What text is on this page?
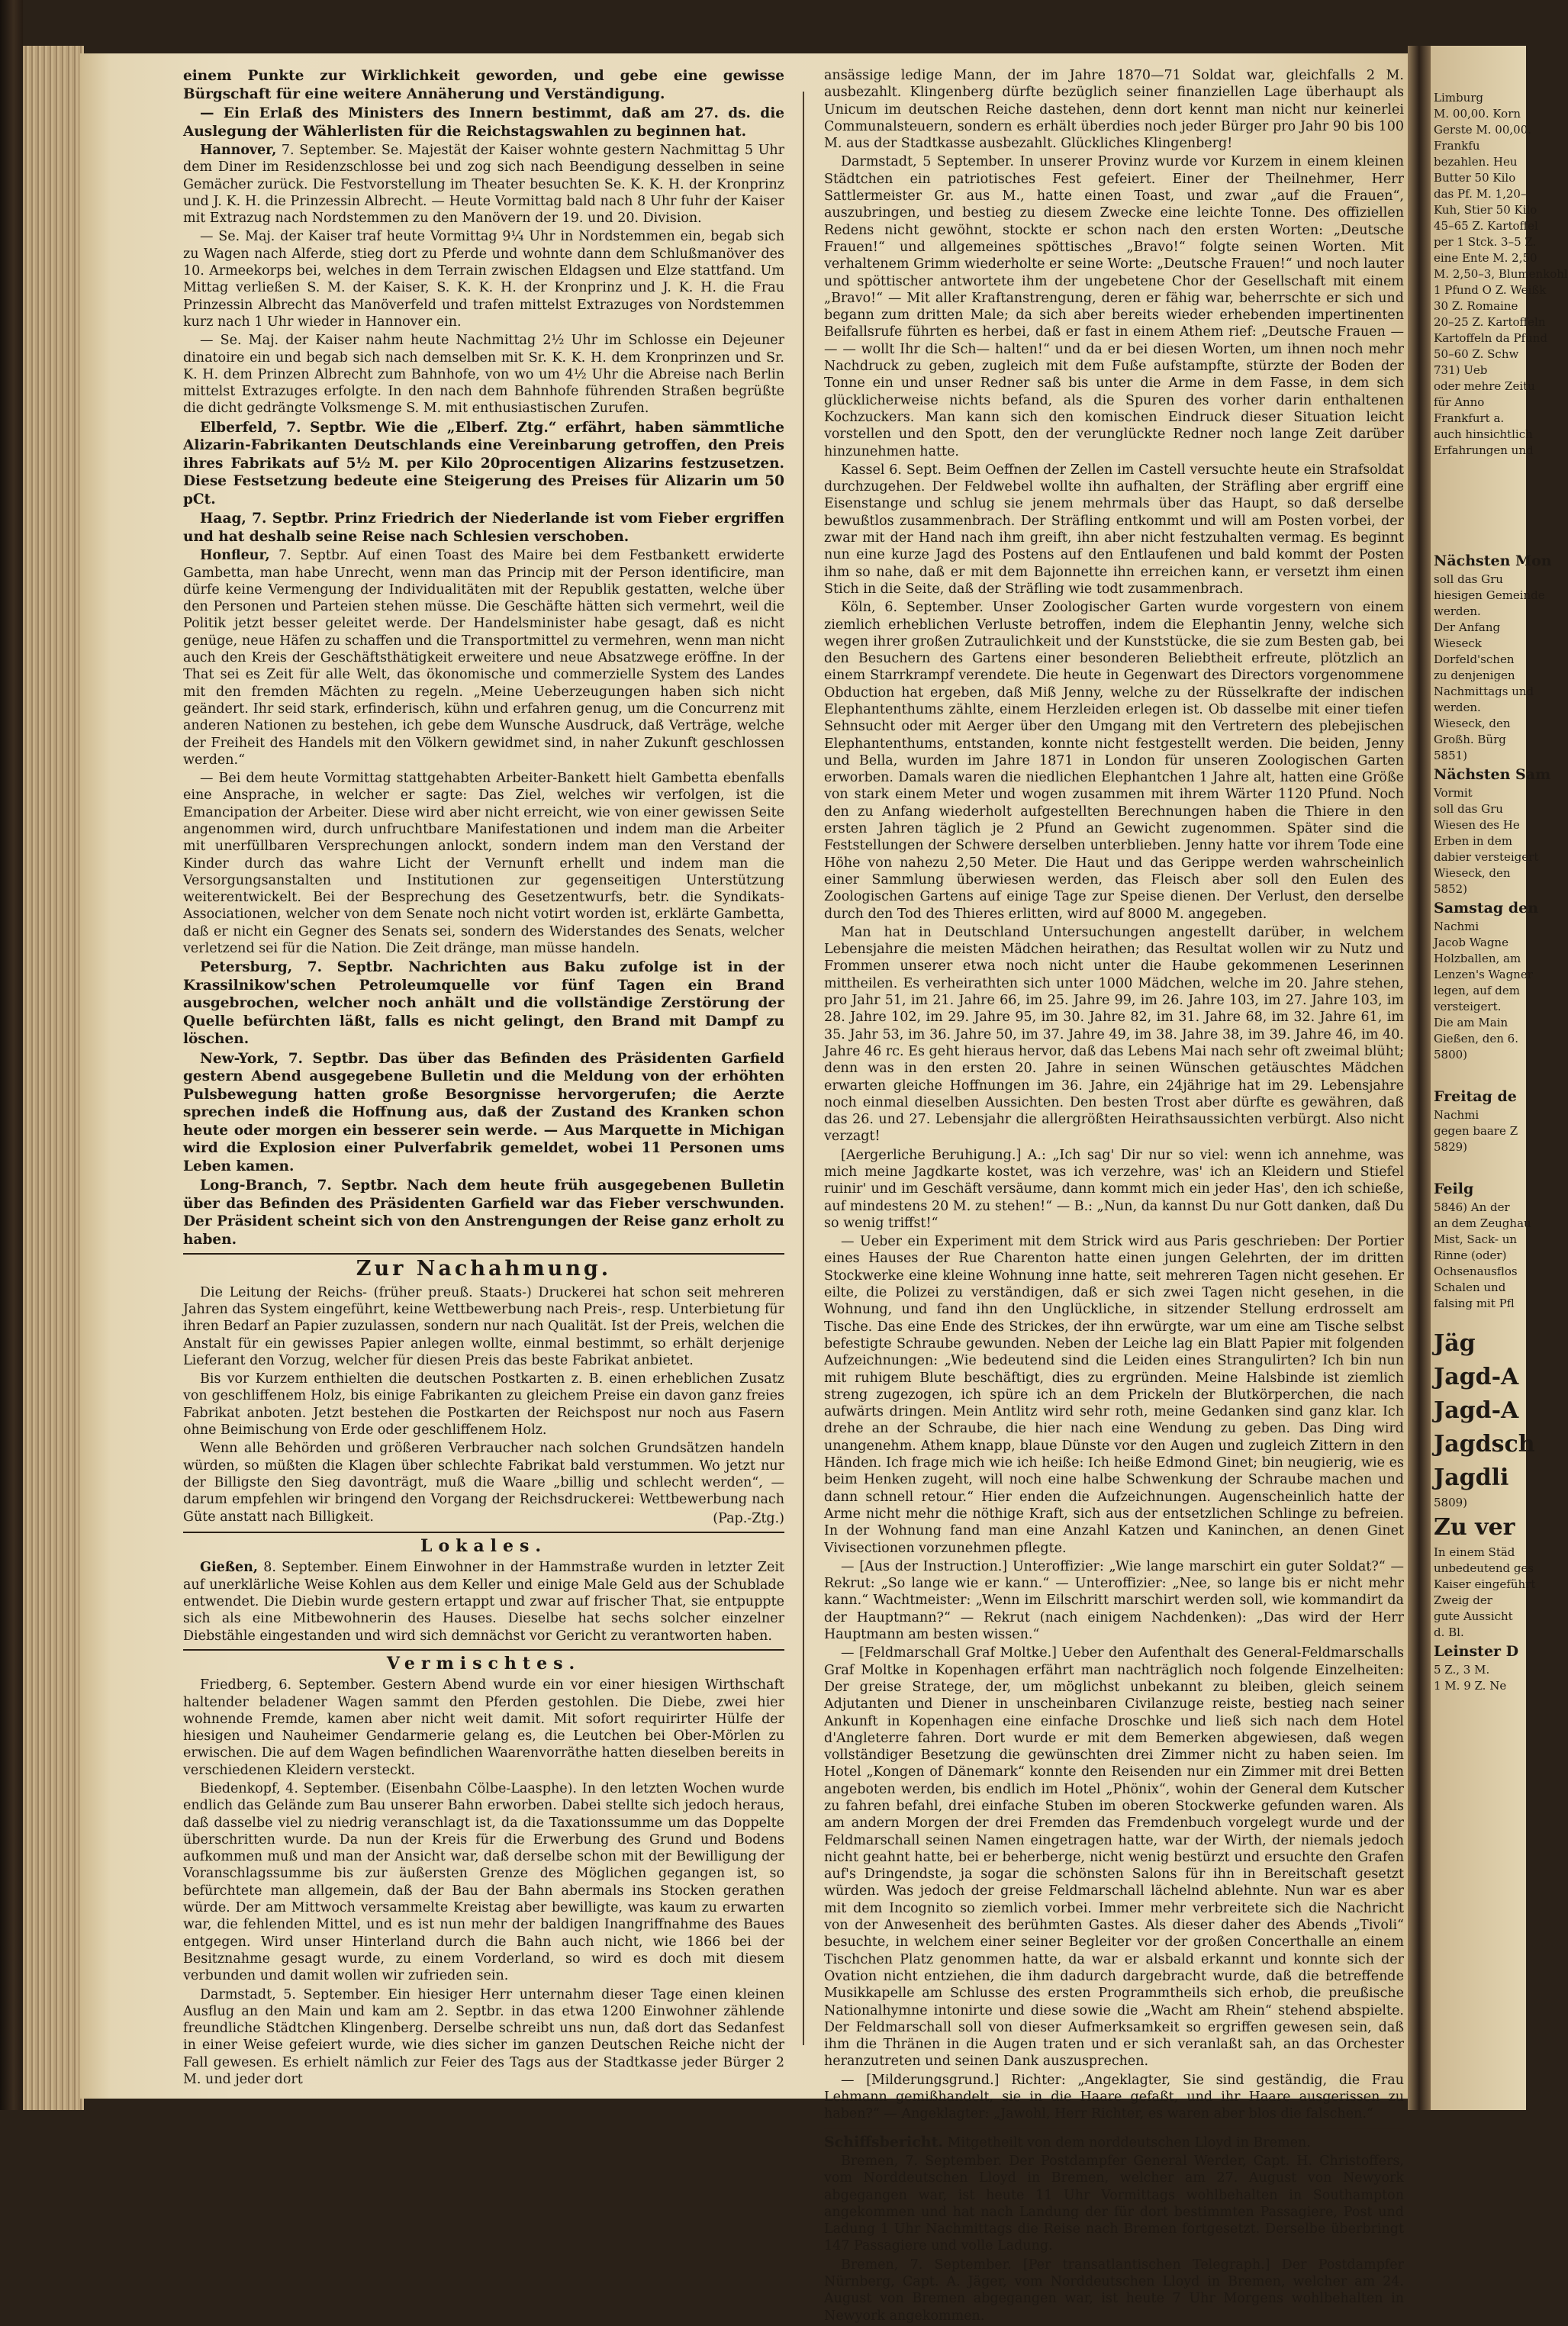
einem Punkte zur Wirklichkeit geworden, und gebe eine gewisse Bürgschaft für eine weitere Annäherung und Verständigung.

— Ein Erlaß des Ministers des Innern bestimmt, daß am 27. ds. die Auslegung der Wählerlisten für die Reichstagswahlen zu beginnen hat.

Hannover, 7. September. Se. Majestät der Kaiser wohnte gestern Nachmittag 5 Uhr dem Diner im Residenzschlosse bei und zog sich nach Beendigung desselben in seine Gemächer zurück. Die Festvorstellung im Theater besuchten Se. K. K. H. der Kronprinz und J. K. H. die Prinzessin Albrecht. — Heute Vormittag bald nach 8 Uhr fuhr der Kaiser mit Extrazug nach Nordstemmen zu den Manövern der 19. und 20. Division.

— Se. Maj. der Kaiser traf heute Vormittag 9¼ Uhr in Nordstemmen ein, begab sich zu Wagen nach Alferde, stieg dort zu Pferde und wohnte dann dem Schlußmanöver des 10. Armeekorps bei, welches in dem Terrain zwischen Eldagsen und Elze stattfand. Um Mittag verließen S. M. der Kaiser, S. K. K. H. der Kronprinz und J. K. H. die Frau Prinzessin Albrecht das Manöverfeld und trafen mittelst Extrazuges von Nordstemmen kurz nach 1 Uhr wieder in Hannover ein.

— Se. Maj. der Kaiser nahm heute Nachmittag 2½ Uhr im Schlosse ein Dejeuner dinatoire ein und begab sich nach demselben mit Sr. K. K. H. dem Kronprinzen und Sr. K. H. dem Prinzen Albrecht zum Bahnhofe, von wo um 4½ Uhr die Abreise nach Berlin mittelst Extrazuges erfolgte. In den nach dem Bahnhofe führenden Straßen begrüßte die dicht gedrängte Volksmenge S. M. mit enthusiastischen Zurufen.

Elberfeld, 7. Septbr. Wie die „Elberf. Ztg.“ erfährt, haben sämmtliche Alizarin-Fabrikanten Deutschlands eine Vereinbarung getroffen, den Preis ihres Fabrikats auf 5½ M. per Kilo 20procentigen Alizarins festzusetzen. Diese Festsetzung bedeute eine Steigerung des Preises für Alizarin um 50 pCt.

Haag, 7. Septbr. Prinz Friedrich der Niederlande ist vom Fieber ergriffen und hat deshalb seine Reise nach Schlesien verschoben.

Honfleur, 7. Septbr. Auf einen Toast des Maire bei dem Festbankett erwiderte Gambetta, man habe Unrecht, wenn man das Princip mit der Person identificire, man dürfe keine Vermengung der Individualitäten mit der Republik gestatten, welche über den Personen und Parteien stehen müsse. Die Geschäfte hätten sich vermehrt, weil die Politik jetzt besser geleitet werde. Der Handelsminister habe gesagt, daß es nicht genüge, neue Häfen zu schaffen und die Transportmittel zu vermehren, wenn man nicht auch den Kreis der Geschäftsthätigkeit erweitere und neue Absatzwege eröffne. In der That sei es Zeit für alle Welt, das ökonomische und commerzielle System des Landes mit den fremden Mächten zu regeln. „Meine Ueberzeugungen haben sich nicht geändert. Ihr seid stark, erfinderisch, kühn und erfahren genug, um die Concurrenz mit anderen Nationen zu bestehen, ich gebe dem Wunsche Ausdruck, daß Verträge, welche der Freiheit des Handels mit den Völkern gewidmet sind, in naher Zukunft geschlossen werden.“

— Bei dem heute Vormittag stattgehabten Arbeiter-Bankett hielt Gambetta ebenfalls eine Ansprache, in welcher er sagte: Das Ziel, welches wir verfolgen, ist die Emancipation der Arbeiter. Diese wird aber nicht erreicht, wie von einer gewissen Seite angenommen wird, durch unfruchtbare Manifestationen und indem man die Arbeiter mit unerfüllbaren Versprechungen anlockt, sondern indem man den Verstand der Kinder durch das wahre Licht der Vernunft erhellt und indem man die Versorgungsanstalten und Institutionen zur gegenseitigen Unterstützung weiterentwickelt. Bei der Besprechung des Gesetzentwurfs, betr. die Syndikats-Associationen, welcher von dem Senate noch nicht votirt worden ist, erklärte Gambetta, daß er nicht ein Gegner des Senats sei, sondern des Widerstandes des Senats, welcher verletzend sei für die Nation. Die Zeit dränge, man müsse handeln.

Petersburg, 7. Septbr. Nachrichten aus Baku zufolge ist in der Krassilnikow'schen Petroleumquelle vor fünf Tagen ein Brand ausgebrochen, welcher noch anhält und die vollständige Zerstörung der Quelle befürchten läßt, falls es nicht gelingt, den Brand mit Dampf zu löschen.

New-York, 7. Septbr. Das über das Befinden des Präsidenten Garfield gestern Abend ausgegebene Bulletin und die Meldung von der erhöhten Pulsbewegung hatten große Besorgnisse hervorgerufen; die Aerzte sprechen indeß die Hoffnung aus, daß der Zustand des Kranken schon heute oder morgen ein besserer sein werde. — Aus Marquette in Michigan wird die Explosion einer Pulverfabrik gemeldet, wobei 11 Personen ums Leben kamen.

Long-Branch, 7. Septbr. Nach dem heute früh ausgegebenen Bulletin über das Befinden des Präsidenten Garfield war das Fieber verschwunden. Der Präsident scheint sich von den Anstrengungen der Reise ganz erholt zu haben.

Zur Nachahmung.

Die Leitung der Reichs- (früher preuß. Staats-) Druckerei hat schon seit mehreren Jahren das System eingeführt, keine Wettbewerbung nach Preis-, resp. Unterbietung für ihren Bedarf an Papier zuzulassen, sondern nur nach Qualität. Ist der Preis, welchen die Anstalt für ein gewisses Papier anlegen wollte, einmal bestimmt, so erhält derjenige Lieferant den Vorzug, welcher für diesen Preis das beste Fabrikat anbietet.

Bis vor Kurzem enthielten die deutschen Postkarten z. B. einen erheblichen Zusatz von geschliffenem Holz, bis einige Fabrikanten zu gleichem Preise ein davon ganz freies Fabrikat anboten. Jetzt bestehen die Postkarten der Reichspost nur noch aus Fasern ohne Beimischung von Erde oder geschliffenem Holz.

Wenn alle Behörden und größeren Verbraucher nach solchen Grundsätzen handeln würden, so müßten die Klagen über schlechte Fabrikat bald verstummen. Wo jetzt nur der Billigste den Sieg davonträgt, muß die Waare „billig und schlecht werden“, — darum empfehlen wir bringend den Vorgang der Reichsdruckerei: Wettbewerbung nach Güte anstatt nach Billigkeit.	(Pap.-Ztg.)
Lokales.

Gießen, 8. September. Einem Einwohner in der Hammstraße wurden in letzter Zeit auf unerklärliche Weise Kohlen aus dem Keller und einige Male Geld aus der Schublade entwendet. Die Diebin wurde gestern ertappt und zwar auf frischer That, sie entpuppte sich als eine Mitbewohnerin des Hauses. Dieselbe hat sechs solcher einzelner Diebstähle eingestanden und wird sich demnächst vor Gericht zu verantworten haben.

Vermischtes.

Friedberg, 6. September. Gestern Abend wurde ein vor einer hiesigen Wirthschaft haltender beladener Wagen sammt den Pferden gestohlen. Die Diebe, zwei hier wohnende Fremde, kamen aber nicht weit damit. Mit sofort requirirter Hülfe der hiesigen und Nauheimer Gendarmerie gelang es, die Leutchen bei Ober-Mörlen zu erwischen. Die auf dem Wagen befindlichen Waarenvorräthe hatten dieselben bereits in verschiedenen Kleidern versteckt.

Biedenkopf, 4. September. (Eisenbahn Cölbe-Laasphe). In den letzten Wochen wurde endlich das Gelände zum Bau unserer Bahn erworben. Dabei stellte sich jedoch heraus, daß dasselbe viel zu niedrig veranschlagt ist, da die Taxationssumme um das Doppelte überschritten wurde. Da nun der Kreis für die Erwerbung des Grund und Bodens aufkommen muß und man der Ansicht war, daß derselbe schon mit der Bewilligung der Voranschlagssumme bis zur äußersten Grenze des Möglichen gegangen ist, so befürchtete man allgemein, daß der Bau der Bahn abermals ins Stocken gerathen würde. Der am Mittwoch versammelte Kreistag aber bewilligte, was kaum zu erwarten war, die fehlenden Mittel, und es ist nun mehr der baldigen Inangriffnahme des Baues entgegen. Wird unser Hinterland durch die Bahn auch nicht, wie 1866 bei der Besitznahme gesagt wurde, zu einem Vorderland, so wird es doch mit diesem verbunden und damit wollen wir zufrieden sein.

Darmstadt, 5. September. Ein hiesiger Herr unternahm dieser Tage einen kleinen Ausflug an den Main und kam am 2. Septbr. in das etwa 1200 Einwohner zählende freundliche Städtchen Klingenberg. Derselbe schreibt uns nun, daß dort das Sedanfest in einer Weise gefeiert wurde, wie dies sicher im ganzen Deutschen Reiche nicht der Fall gewesen. Es erhielt nämlich zur Feier des Tags aus der Stadtkasse jeder Bürger 2 M. und jeder dort

ansässige ledige Mann, der im Jahre 1870—71 Soldat war, gleichfalls 2 M. ausbezahlt. Klingenberg dürfte bezüglich seiner finanziellen Lage überhaupt als Unicum im deutschen Reiche dastehen, denn dort kennt man nicht nur keinerlei Communalsteuern, sondern es erhält überdies noch jeder Bürger pro Jahr 90 bis 100 M. aus der Stadtkasse ausbezahlt. Glückliches Klingenberg!

Darmstadt, 5 September. In unserer Provinz wurde vor Kurzem in einem kleinen Städtchen ein patriotisches Fest gefeiert. Einer der Theilnehmer, Herr Sattlermeister Gr. aus M., hatte einen Toast, und zwar „auf die Frauen“, auszubringen, und bestieg zu diesem Zwecke eine leichte Tonne. Des offiziellen Redens nicht gewöhnt, stockte er schon nach den ersten Worten: „Deutsche Frauen!“ und allgemeines spöttisches „Bravo!“ folgte seinen Worten. Mit verhaltenem Grimm wiederholte er seine Worte: „Deutsche Frauen!“ und noch lauter und spöttischer antwortete ihm der ungebetene Chor der Gesellschaft mit einem „Bravo!“ — Mit aller Kraftanstrengung, deren er fähig war, beherrschte er sich und begann zum dritten Male; da sich aber bereits wieder erhebenden impertinenten Beifallsrufe führten es herbei, daß er fast in einem Athem rief: „Deutsche Frauen — — — wollt Ihr die Sch— halten!“ und da er bei diesen Worten, um ihnen noch mehr Nachdruck zu geben, zugleich mit dem Fuße aufstampfte, stürzte der Boden der Tonne ein und unser Redner saß bis unter die Arme in dem Fasse, in dem sich glücklicherweise nichts befand, als die Spuren des vorher darin enthaltenen Kochzuckers. Man kann sich den komischen Eindruck dieser Situation leicht vorstellen und den Spott, den der verunglückte Redner noch lange Zeit darüber hinzunehmen hatte.

Kassel 6. Sept. Beim Oeffnen der Zellen im Castell versuchte heute ein Strafsoldat durchzugehen. Der Feldwebel wollte ihn aufhalten, der Sträfling aber ergriff eine Eisenstange und schlug sie jenem mehrmals über das Haupt, so daß derselbe bewußtlos zusammenbrach. Der Sträfling entkommt und will am Posten vorbei, der zwar mit der Hand nach ihm greift, ihn aber nicht festzuhalten vermag. Es beginnt nun eine kurze Jagd des Postens auf den Entlaufenen und bald kommt der Posten ihm so nahe, daß er mit dem Bajonnette ihn erreichen kann, er versetzt ihm einen Stich in die Seite, daß der Sträfling wie todt zusammenbrach.

Köln, 6. September. Unser Zoologischer Garten wurde vorgestern von einem ziemlich erheblichen Verluste betroffen, indem die Elephantin Jenny, welche sich wegen ihrer großen Zutraulichkeit und der Kunststücke, die sie zum Besten gab, bei den Besuchern des Gartens einer besonderen Beliebtheit erfreute, plötzlich an einem Starrkrampf verendete. Die heute in Gegenwart des Directors vorgenommene Obduction hat ergeben, daß Miß Jenny, welche zu der Rüsselkrafte der indischen Elephantenthums zählte, einem Herzleiden erlegen ist. Ob dasselbe mit einer tiefen Sehnsucht oder mit Aerger über den Umgang mit den Vertretern des plebejischen Elephantenthums, entstanden, konnte nicht festgestellt werden. Die beiden, Jenny und Bella, wurden im Jahre 1871 in London für unseren Zoologischen Garten erworben. Damals waren die niedlichen Elephantchen 1 Jahre alt, hatten eine Größe von stark einem Meter und wogen zusammen mit ihrem Wärter 1120 Pfund. Noch den zu Anfang wiederholt aufgestellten Berechnungen haben die Thiere in den ersten Jahren täglich je 2 Pfund an Gewicht zugenommen. Später sind die Feststellungen der Schwere derselben unterblieben. Jenny hatte vor ihrem Tode eine Höhe von nahezu 2,50 Meter. Die Haut und das Gerippe werden wahrscheinlich einer Sammlung überwiesen werden, das Fleisch aber soll den Eulen des Zoologischen Gartens auf einige Tage zur Speise dienen. Der Verlust, den derselbe durch den Tod des Thieres erlitten, wird auf 8000 M. angegeben.

Man hat in Deutschland Untersuchungen angestellt darüber, in welchem Lebensjahre die meisten Mädchen heirathen; das Resultat wollen wir zu Nutz und Frommen unserer etwa noch nicht unter die Haube gekommenen Leserinnen mittheilen. Es verheirathten sich unter 1000 Mädchen, welche im 20. Jahre stehen, pro Jahr 51, im 21. Jahre 66, im 25. Jahre 99, im 26. Jahre 103, im 27. Jahre 103, im 28. Jahre 102, im 29. Jahre 95, im 30. Jahre 82, im 31. Jahre 68, im 32. Jahre 61, im 35. Jahr 53, im 36. Jahre 50, im 37. Jahre 49, im 38. Jahre 38, im 39. Jahre 46, im 40. Jahre 46 rc. Es geht hieraus hervor, daß das Lebens Mai nach sehr oft zweimal blüht; denn was in den ersten 20. Jahre in seinen Wünschen getäuschtes Mädchen erwarten gleiche Hoffnungen im 36. Jahre, ein 24jährige hat im 29. Lebensjahre noch einmal dieselben Aussichten. Den besten Trost aber dürfte es gewähren, daß das 26. und 27. Lebensjahr die allergrößten Heirathsaussichten verbürgt. Also nicht verzagt!

[Aergerliche Beruhigung.] A.: „Ich sag' Dir nur so viel: wenn ich annehme, was mich meine Jagdkarte kostet, was ich verzehre, was' ich an Kleidern und Stiefel ruinir' und im Geschäft versäume, dann kommt mich ein jeder Has', den ich schieße, auf mindestens 20 M. zu stehen!“ — B.: „Nun, da kannst Du nur Gott danken, daß Du so wenig triffst!“

— Ueber ein Experiment mit dem Strick wird aus Paris geschrieben: Der Portier eines Hauses der Rue Charenton hatte einen jungen Gelehrten, der im dritten Stockwerke eine kleine Wohnung inne hatte, seit mehreren Tagen nicht gesehen. Er eilte, die Polizei zu verständigen, daß er sich zwei Tagen nicht gesehen, in die Wohnung, und fand ihn den Unglückliche, in sitzender Stellung erdrosselt am Tische. Das eine Ende des Strickes, der ihn erwürgte, war um eine am Tische selbst befestigte Schraube gewunden. Neben der Leiche lag ein Blatt Papier mit folgenden Aufzeichnungen: „Wie bedeutend sind die Leiden eines Strangulirten? Ich bin nun mit ruhigem Blute beschäftigt, dies zu ergründen. Meine Halsbinde ist ziemlich streng zugezogen, ich spüre ich an dem Prickeln der Blutkörperchen, die nach aufwärts dringen. Mein Antlitz wird sehr roth, meine Gedanken sind ganz klar. Ich drehe an der Schraube, die hier nach eine Wendung zu geben. Das Ding wird unangenehm. Athem knapp, blaue Dünste vor den Augen und zugleich Zittern in den Händen. Ich frage mich wie ich heiße: Ich heiße Edmond Ginet; bin neugierig, wie es beim Henken zugeht, will noch eine halbe Schwenkung der Schraube machen und dann schnell retour.“ Hier enden die Aufzeichnungen. Augenscheinlich hatte der Arme nicht mehr die nöthige Kraft, sich aus der entsetzlichen Schlinge zu befreien. In der Wohnung fand man eine Anzahl Katzen und Kaninchen, an denen Ginet Vivisectionen vorzunehmen pflegte.

— [Aus der Instruction.] Unteroffizier: „Wie lange marschirt ein guter Soldat?“ — Rekrut: „So lange wie er kann.“ — Unteroffizier: „Nee, so lange bis er nicht mehr kann.“ Wachtmeister: „Wenn im Eilschritt marschirt werden soll, wie kommandirt da der Hauptmann?“ — Rekrut (nach einigem Nachdenken): „Das wird der Herr Hauptmann am besten wissen.“

— [Feldmarschall Graf Moltke.] Ueber den Aufenthalt des General-Feldmarschalls Graf Moltke in Kopenhagen erfährt man nachträglich noch folgende Einzelheiten: Der greise Stratege, der, um möglichst unbekannt zu bleiben, gleich seinem Adjutanten und Diener in unscheinbaren Civilanzuge reiste, bestieg nach seiner Ankunft in Kopenhagen eine einfache Droschke und ließ sich nach dem Hotel d'Angleterre fahren. Dort wurde er mit dem Bemerken abgewiesen, daß wegen vollständiger Besetzung die gewünschten drei Zimmer nicht zu haben seien. Im Hotel „Kongen of Dänemark“ konnte den Reisenden nur ein Zimmer mit drei Betten angeboten werden, bis endlich im Hotel „Phönix“, wohin der General dem Kutscher zu fahren befahl, drei einfache Stuben im oberen Stockwerke gefunden waren. Als am andern Morgen der drei Fremden das Fremdenbuch vorgelegt wurde und der Feldmarschall seinen Namen eingetragen hatte, war der Wirth, der niemals jedoch nicht geahnt hatte, bei er beherberge, nicht wenig bestürzt und ersuchte den Grafen auf's Dringendste, ja sogar die schönsten Salons für ihn in Bereitschaft gesetzt würden. Was jedoch der greise Feldmarschall lächelnd ablehnte. Nun war es aber mit dem Incognito so ziemlich vorbei. Immer mehr verbreitete sich die Nachricht von der Anwesenheit des berühmten Gastes. Als dieser daher des Abends „Tivoli“ besuchte, in welchem einer seiner Begleiter vor der großen Concerthalle an einem Tischchen Platz genommen hatte, da war er alsbald erkannt und konnte sich der Ovation nicht entziehen, die ihm dadurch dargebracht wurde, daß die betreffende Musikkapelle am Schlusse des ersten Programmtheils sich erhob, die preußische Nationalhymne intonirte und diese sowie die „Wacht am Rhein“ stehend abspielte. Der Feldmarschall soll von dieser Aufmerksamkeit so ergriffen gewesen sein, daß ihm die Thränen in die Augen traten und er sich veranlaßt sah, an das Orchester heranzutreten und seinen Dank auszusprechen.

— [Milderungsgrund.] Richter: „Angeklagter, Sie sind geständig, die Frau Lehmann gemißhandelt, sie in die Haare gefaßt, und ihr Haare ausgerissen zu haben?“ — Angeklagter: „Jawohl, Herr Richter, es waren aber blos die falschen.“

Schiffsbericht. Mitgetheilt von dem norddeutschen Lloyd in Bremen.

Bremen, 7. September. Der Postdampfer General Werder, Capt. H. Christoffers, vom Norddeutschen Lloyd in Bremen, welcher am 27. August von Newyork abgegangen war, ist heute 11 Uhr Vormittags wohlbehalten in Southampton angekommen und hat nach Landung der für dort bestimmten Passagiere, Post und Ladung 1 Uhr Nachmittags die Reise nach Bremen fortgesetzt. Derselbe überbringt 147 Passagiere und volle Ladung.

Bremen, 7. September. [Per transatlantischen Telegraph.] Der Postdampfer Nürnberg, Capt. A. Jäger, vom Norddeutschen Lloyd in Bremen, welcher am 24. August von Bremen abgegangen war, ist heute 7 Uhr Morgens wohlbehalten in Newyork angekommen.

Limburg
M. 00,00. Korn
Gerste M. 00,00.
Frankfu
bezahlen. Heu
Butter 50 Kilo
das Pf. M. 1,20–
Kuh, Stier 50 Kilo
45–65 Z. Kartoffel
per 1 Stck. 3–5 Z.
eine Ente M. 2,50
M. 2,50–3, Blumenkohl
1 Pfund O Z. Weißk
30 Z. Romaine
20–25 Z. Kartoffeln
Kartoffeln da Pfund
50–60 Z. Schw
731) Ueb
oder mehre Zeitu
für Anno
Frankfurt a.
auch hinsichtlich
Erfahrungen und
Nächsten Mon
soll das Gru
hiesigen Gemeinde
werden.
Der Anfang
Wieseck
Dorfeld'schen
zu denjenigen
Nachmittags und
werden.
Wieseck, den
Großh. Bürg
5851)
Nächsten Sam
Vormit
soll das Gru
Wiesen des He
Erben in dem
dabier versteigert
Wieseck, den
5852)
Samstag den
Nachmi
Jacob Wagne
Holzballen, am
Lenzen's Wagner
legen, auf dem
versteigert.
Die am Main
Gießen, den 6.
5800)
Freitag de
Nachmi
gegen baare Z
5829)
Feilg
5846) An der
an dem Zeughau
Mist, Sack- un
Rinne (oder)
Ochsenausflos
Schalen und
falsing mit Pfl
Jäg
Jagd-A
Jagd-A
Jagdsch
Jagdli
5809)
Zu ver
In einem Städ
unbedeutend ges
Kaiser eingeführt
Zweig der
gute Aussicht
d. Bl.
Leinster D
5 Z., 3 M.
1 M. 9 Z. Ne
